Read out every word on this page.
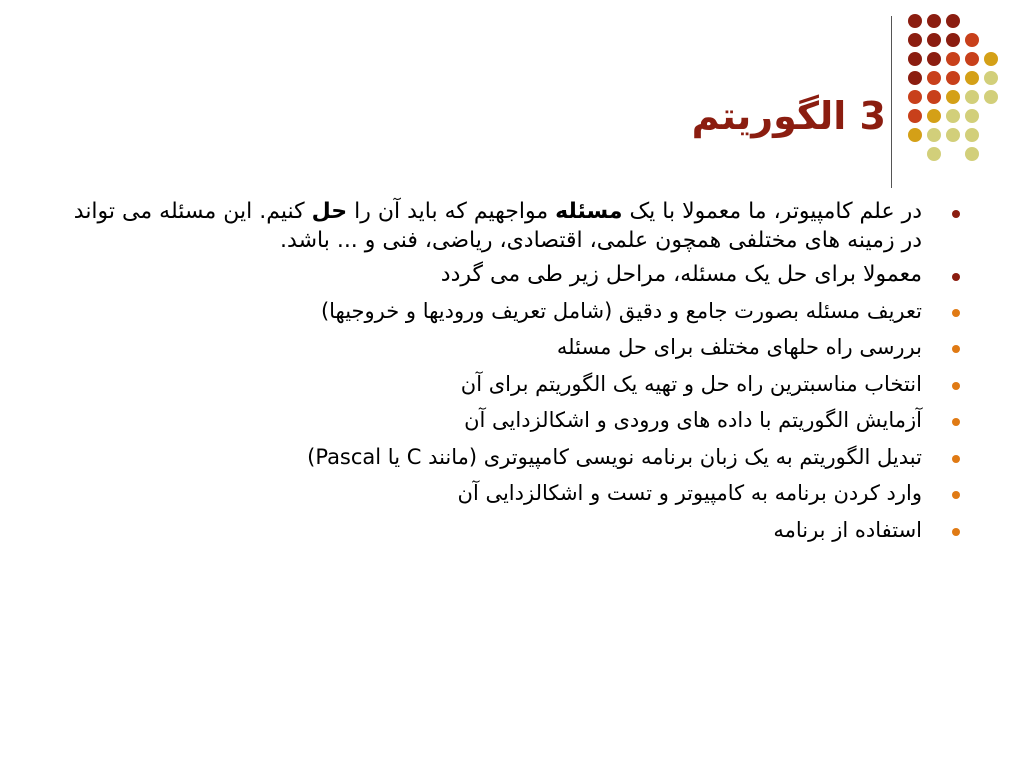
3 الگوریتم
در علم کامپیوتر، ما معمولا با یک مسئله مواجهیم که باید آن را حل کنیم. این مسئله می تواند در زمینه های مختلفی همچون علمی، اقتصادی، ریاضی، فنی و ... باشد.
معمولا برای حل یک مسئله، مراحل زیر طی می گردد
تعریف مسئله بصورت جامع و دقیق (شامل تعریف ورودیها و خروجیها)
بررسی راه حلهای مختلف برای حل مسئله
انتخاب مناسبترین راه حل و تهیه یک الگوریتم برای آن
آزمایش الگوریتم با داده های ورودی و اشکالزدایی آن
تبدیل الگوریتم به یک زبان برنامه نویسی کامپیوتری (مانند C یا Pascal)
وارد کردن برنامه به کامپیوتر و تست و اشکالزدایی آن
استفاده از برنامه
